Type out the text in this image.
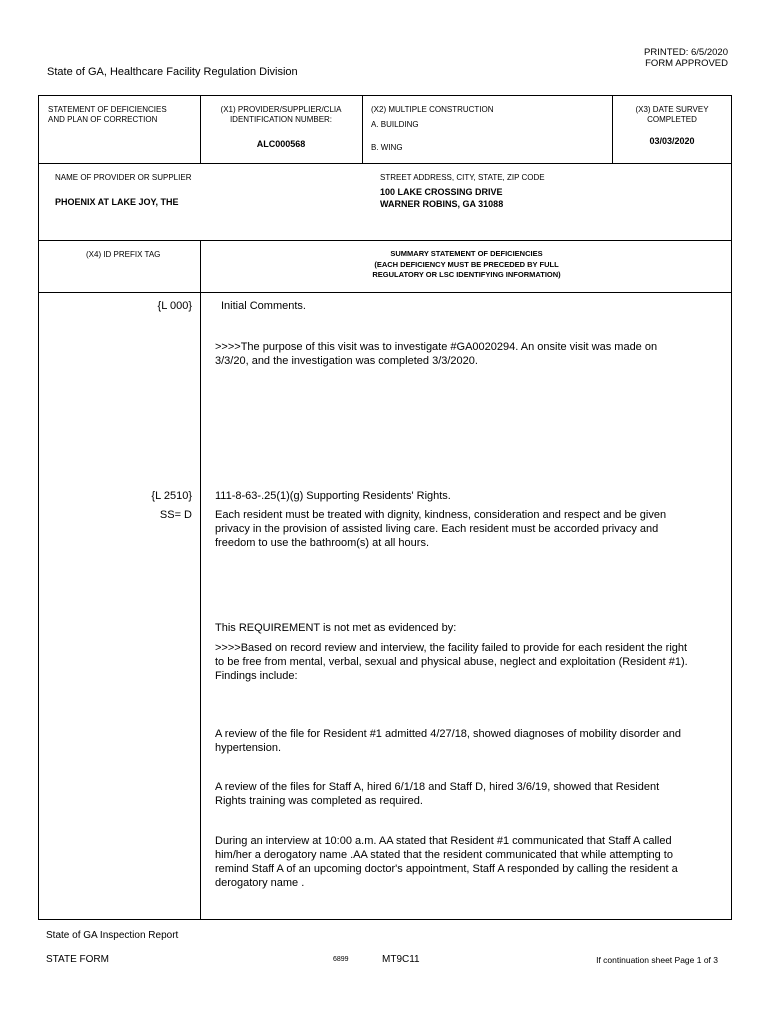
PRINTED: 6/5/2020
FORM APPROVED
State of GA, Healthcare Facility Regulation Division
STATEMENT OF DEFICIENCIES
AND PLAN OF CORRECTION
(X1) PROVIDER/SUPPLIER/CLIA
IDENTIFICATION NUMBER:
ALC000568
(X2) MULTIPLE CONSTRUCTION
A. BUILDING
B. WING
(X3) DATE SURVEY
COMPLETED
03/03/2020
NAME OF PROVIDER OR SUPPLIER
PHOENIX AT LAKE JOY, THE
STREET ADDRESS, CITY, STATE, ZIP CODE
100 LAKE CROSSING DRIVE
WARNER ROBINS, GA 31088
(X4) ID PREFIX TAG	SUMMARY STATEMENT OF DEFICIENCIES
(EACH DEFICIENCY MUST BE PRECEDED BY FULL
REGULATORY OR LSC IDENTIFYING INFORMATION)
{L 000}	Initial Comments.
>>>>The purpose of this visit was to investigate #GA0020294. An onsite visit was made on
3/3/20, and the investigation was completed 3/3/2020.
{L 2510}
SS= D
111-8-63-.25(1)(g) Supporting Residents' Rights.
Each resident must be treated with dignity, kindness, consideration and respect and be given
privacy in the provision of assisted living care. Each resident must be accorded privacy and
freedom to use the bathroom(s) at all hours.
This REQUIREMENT is not met as evidenced by:
>>>>Based on record review and interview, the facility failed to provide for each resident the right
to be free from mental, verbal, sexual and physical abuse, neglect and exploitation (Resident #1).
Findings include:
A review of the file for Resident #1 admitted 4/27/18, showed diagnoses of mobility disorder and
hypertension.
A review of the files for Staff A, hired 6/1/18 and Staff D, hired 3/6/19, showed that Resident
Rights training was completed as required.
During an interview at 10:00 a.m. AA stated that Resident #1 communicated that Staff A called
him/her a derogatory name .AA stated that the resident communicated that while attempting to
remind Staff A of an upcoming doctor's appointment, Staff A responded by calling the resident a
derogatory name .
State of GA Inspection Report
STATE FORM	6899	MT9C11	If continuation sheet Page 1 of 3
